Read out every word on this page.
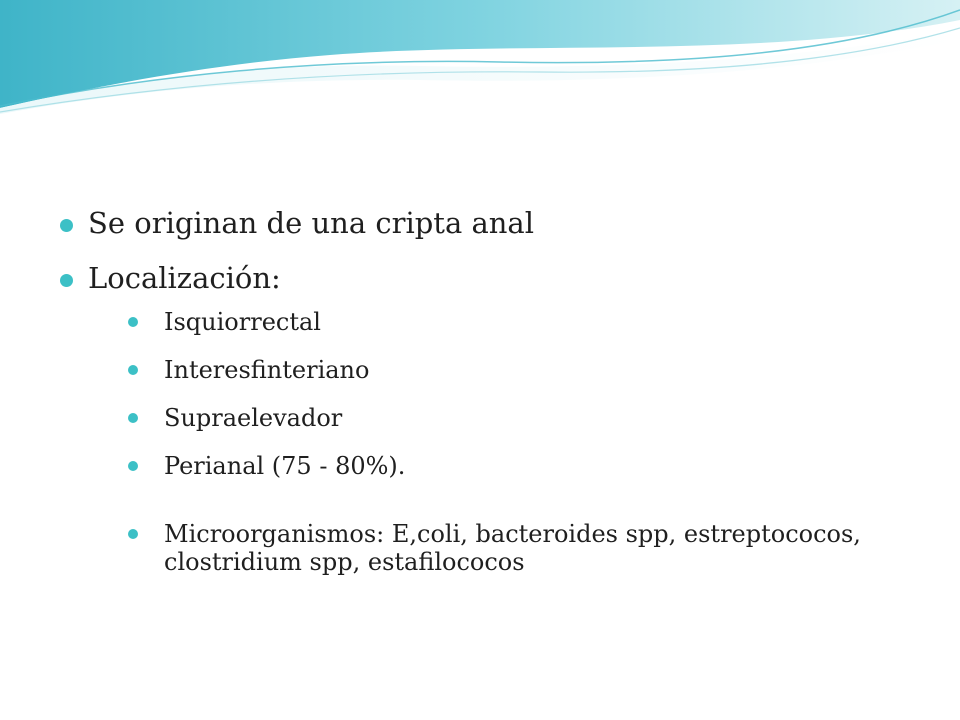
Se originan de una cripta anal
Localización:
Isquiorrectal
Interesfinteriano
Supraelevador
Perianal (75 - 80%).
Microorganismos: E,coli, bacteroides spp, estreptococos, clostridium spp, estafilococos
